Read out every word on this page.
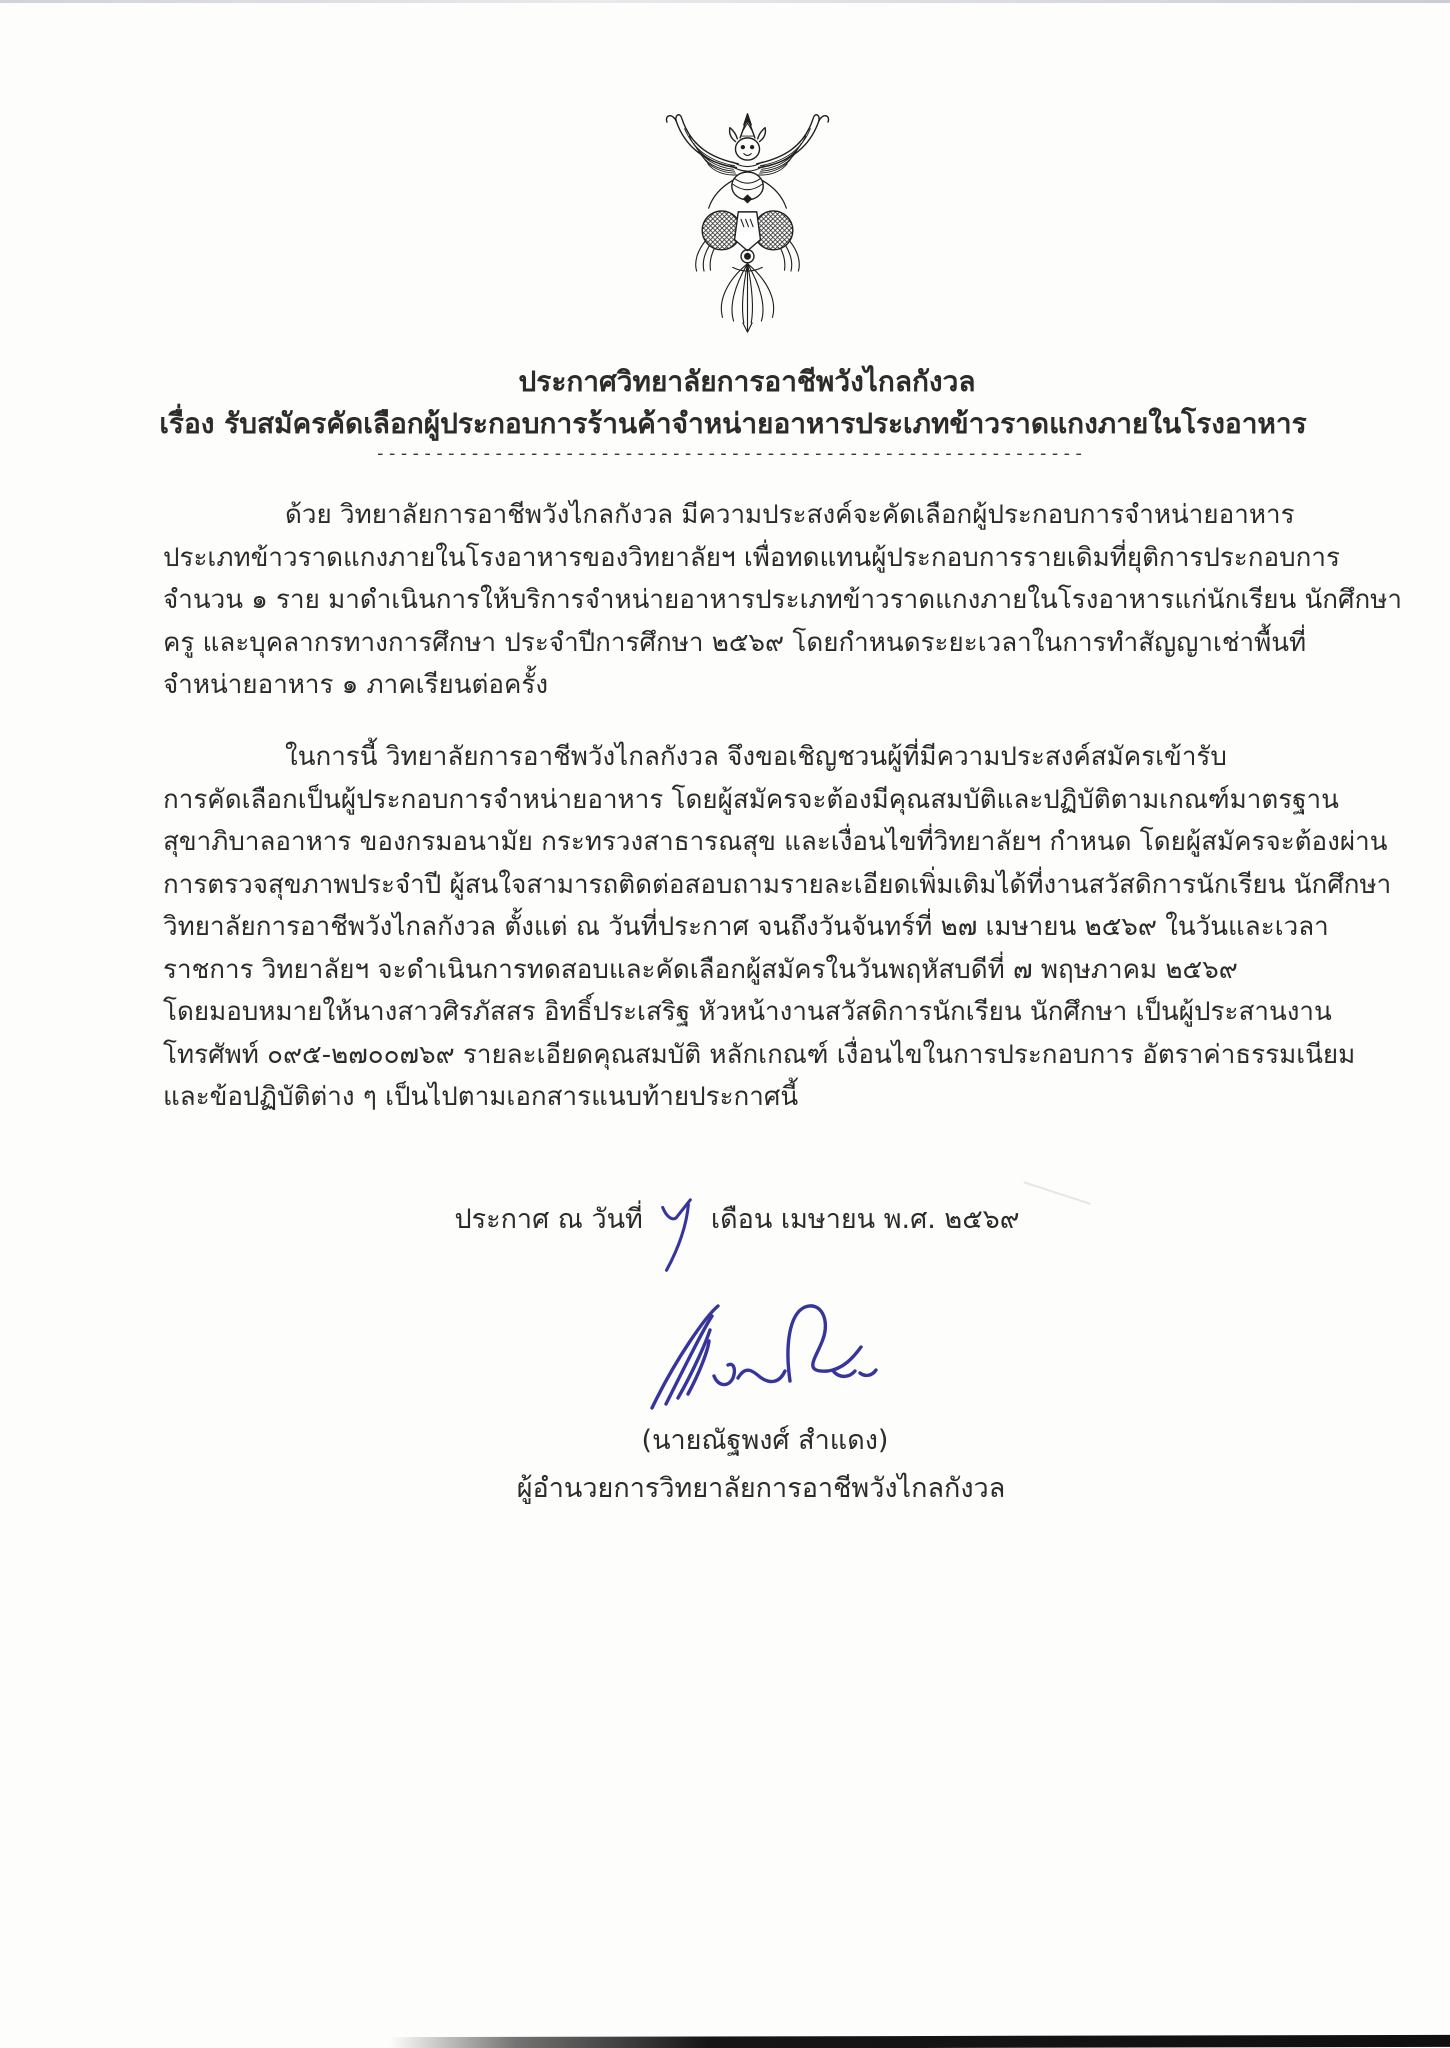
ประกาศวิทยาลัยการอาชีพวังไกลกังวล
เรื่อง รับสมัครคัดเลือกผู้ประกอบการร้านค้าจำหน่ายอาหารประเภทข้าวราดแกงภายในโรงอาหาร
------------------------------------------------------------
ด้วย วิทยาลัยการอาชีพวังไกลกังวล มีความประสงค์จะคัดเลือกผู้ประกอบการจำหน่ายอาหาร
ประเภทข้าวราดแกงภายในโรงอาหารของวิทยาลัยฯ เพื่อทดแทนผู้ประกอบการรายเดิมที่ยุติการประกอบการ
จำนวน ๑ ราย มาดำเนินการให้บริการจำหน่ายอาหารประเภทข้าวราดแกงภายในโรงอาหารแก่นักเรียน นักศึกษา
ครู และบุคลากรทางการศึกษา ประจำปีการศึกษา ๒๕๖๙ โดยกำหนดระยะเวลาในการทำสัญญาเช่าพื้นที่
จำหน่ายอาหาร ๑ ภาคเรียนต่อครั้ง
ในการนี้ วิทยาลัยการอาชีพวังไกลกังวล จึงขอเชิญชวนผู้ที่มีความประสงค์สมัครเข้ารับ
การคัดเลือกเป็นผู้ประกอบการจำหน่ายอาหาร โดยผู้สมัครจะต้องมีคุณสมบัติและปฏิบัติตามเกณฑ์มาตรฐาน
สุขาภิบาลอาหาร ของกรมอนามัย กระทรวงสาธารณสุข และเงื่อนไขที่วิทยาลัยฯ กำหนด โดยผู้สมัครจะต้องผ่าน
การตรวจสุขภาพประจำปี ผู้สนใจสามารถติดต่อสอบถามรายละเอียดเพิ่มเติมได้ที่งานสวัสดิการนักเรียน นักศึกษา
วิทยาลัยการอาชีพวังไกลกังวล ตั้งแต่ ณ วันที่ประกาศ จนถึงวันจันทร์ที่ ๒๗ เมษายน ๒๕๖๙ ในวันและเวลา
ราชการ วิทยาลัยฯ จะดำเนินการทดสอบและคัดเลือกผู้สมัครในวันพฤหัสบดีที่ ๗ พฤษภาคม ๒๕๖๙
โดยมอบหมายให้นางสาวศิรภัสสร อิทธิ์ประเสริฐ หัวหน้างานสวัสดิการนักเรียน นักศึกษา เป็นผู้ประสานงาน
โทรศัพท์ ๐๙๕-๒๗๐๐๗๖๙ รายละเอียดคุณสมบัติ หลักเกณฑ์ เงื่อนไขในการประกอบการ อัตราค่าธรรมเนียม
และข้อปฏิบัติต่าง ๆ เป็นไปตามเอกสารแนบท้ายประกาศนี้
ประกาศ ณ วันที่	เดือน เมษายน พ.ศ. ๒๕๖๙
(นายณัฐพงศ์ สำแดง)
ผู้อำนวยการวิทยาลัยการอาชีพวังไกลกังวล
